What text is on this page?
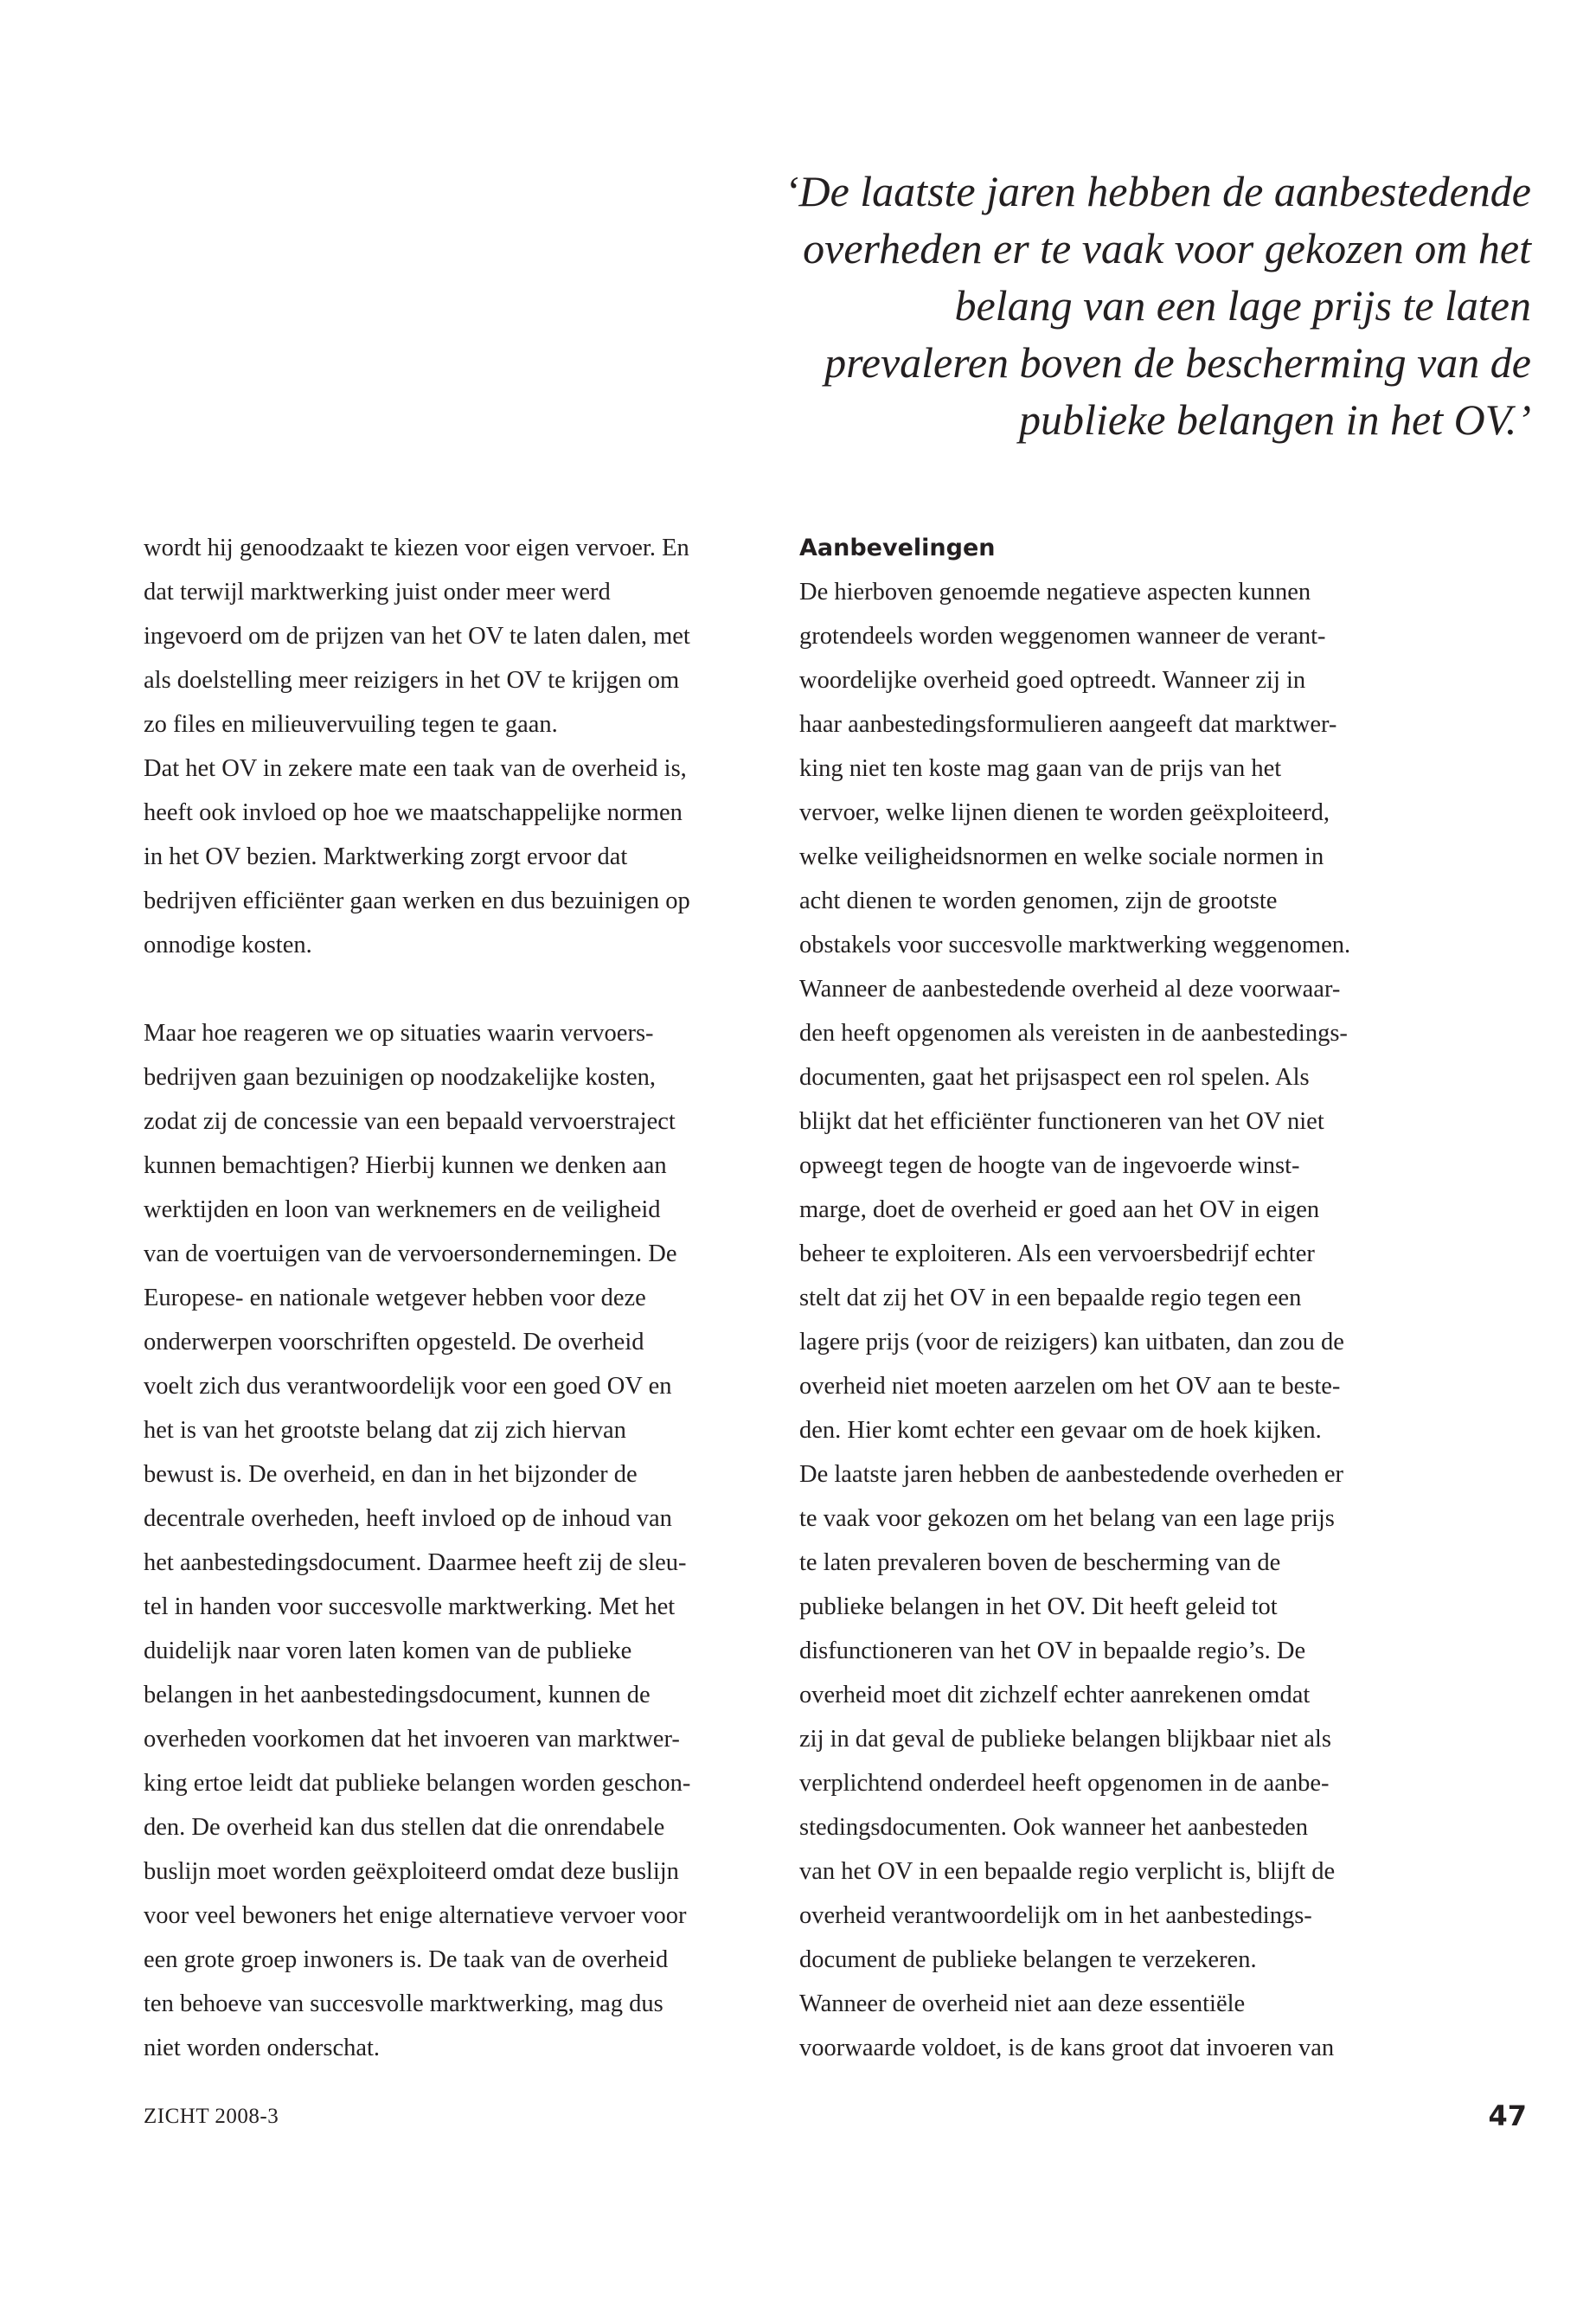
‘De laatste jaren hebben de aanbestedende
overheden er te vaak voor gekozen om het
belang van een lage prijs te laten
prevaleren boven de bescherming van de
publieke belangen in het OV.’
wordt hij genoodzaakt te kiezen voor eigen vervoer. En
dat terwijl marktwerking juist onder meer werd
ingevoerd om de prijzen van het OV te laten dalen, met
als doelstelling meer reizigers in het OV te krijgen om
zo files en milieuvervuiling tegen te gaan.
Dat het OV in zekere mate een taak van de overheid is,
heeft ook invloed op hoe we maatschappelijke normen
in het OV bezien. Marktwerking zorgt ervoor dat
bedrijven efficiënter gaan werken en dus bezuinigen op
onnodige kosten.
Maar hoe reageren we op situaties waarin vervoers-
bedrijven gaan bezuinigen op noodzakelijke kosten,
zodat zij de concessie van een bepaald vervoerstraject
kunnen bemachtigen? Hierbij kunnen we denken aan
werktijden en loon van werknemers en de veiligheid
van de voertuigen van de vervoersondernemingen. De
Europese- en nationale wetgever hebben voor deze
onderwerpen voorschriften opgesteld. De overheid
voelt zich dus verantwoordelijk voor een goed OV en
het is van het grootste belang dat zij zich hiervan
bewust is. De overheid, en dan in het bijzonder de
decentrale overheden, heeft invloed op de inhoud van
het aanbestedingsdocument. Daarmee heeft zij de sleu-
tel in handen voor succesvolle marktwerking. Met het
duidelijk naar voren laten komen van de publieke
belangen in het aanbestedingsdocument, kunnen de
overheden voorkomen dat het invoeren van marktwer-
king ertoe leidt dat publieke belangen worden geschon-
den. De overheid kan dus stellen dat die onrendabele
buslijn moet worden geëxploiteerd omdat deze buslijn
voor veel bewoners het enige alternatieve vervoer voor
een grote groep inwoners is. De taak van de overheid
ten behoeve van succesvolle marktwerking, mag dus
niet worden onderschat.
Aanbevelingen
De hierboven genoemde negatieve aspecten kunnen
grotendeels worden weggenomen wanneer de verant-
woordelijke overheid goed optreedt. Wanneer zij in
haar aanbestedingsformulieren aangeeft dat marktwer-
king niet ten koste mag gaan van de prijs van het
vervoer, welke lijnen dienen te worden geëxploiteerd,
welke veiligheidsnormen en welke sociale normen in
acht dienen te worden genomen, zijn de grootste
obstakels voor succesvolle marktwerking weggenomen.
Wanneer de aanbestedende overheid al deze voorwaar-
den heeft opgenomen als vereisten in de aanbestedings-
documenten, gaat het prijsaspect een rol spelen. Als
blijkt dat het efficiënter functioneren van het OV niet
opweegt tegen de hoogte van de ingevoerde winst-
marge, doet de overheid er goed aan het OV in eigen
beheer te exploiteren. Als een vervoersbedrijf echter
stelt dat zij het OV in een bepaalde regio tegen een
lagere prijs (voor de reizigers) kan uitbaten, dan zou de
overheid niet moeten aarzelen om het OV aan te beste-
den. Hier komt echter een gevaar om de hoek kijken.
De laatste jaren hebben de aanbestedende overheden er
te vaak voor gekozen om het belang van een lage prijs
te laten prevaleren boven de bescherming van de
publieke belangen in het OV. Dit heeft geleid tot
disfunctioneren van het OV in bepaalde regio’s. De
overheid moet dit zichzelf echter aanrekenen omdat
zij in dat geval de publieke belangen blijkbaar niet als
verplichtend onderdeel heeft opgenomen in de aanbe-
stedingsdocumenten. Ook wanneer het aanbesteden
van het OV in een bepaalde regio verplicht is, blijft de
overheid verantwoordelijk om in het aanbestedings-
document de publieke belangen te verzekeren.
Wanneer de overheid niet aan deze essentiële
voorwaarde voldoet, is de kans groot dat invoeren van
ZICHT 2008-3	47
